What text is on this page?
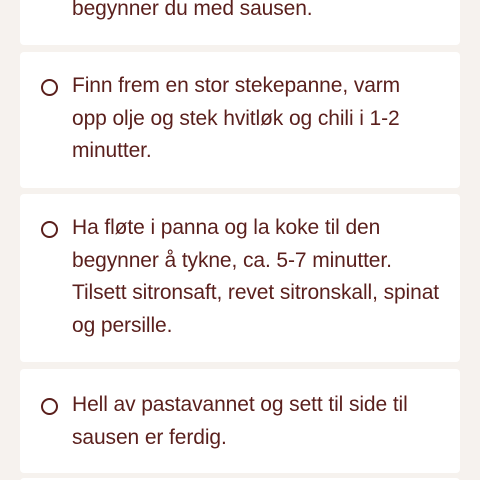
begynner du med sausen.

Finn frem en stor stekepanne, varm opp olje og stek hvitløk og chili i 1-2 minutter.

Ha fløte i panna og la koke til den begynner å tykne, ca. 5-7 minutter. Tilsett sitronsaft, revet sitronskall, spinat og persille.

Hell av pastavannet og sett til side til sausen er ferdig.
